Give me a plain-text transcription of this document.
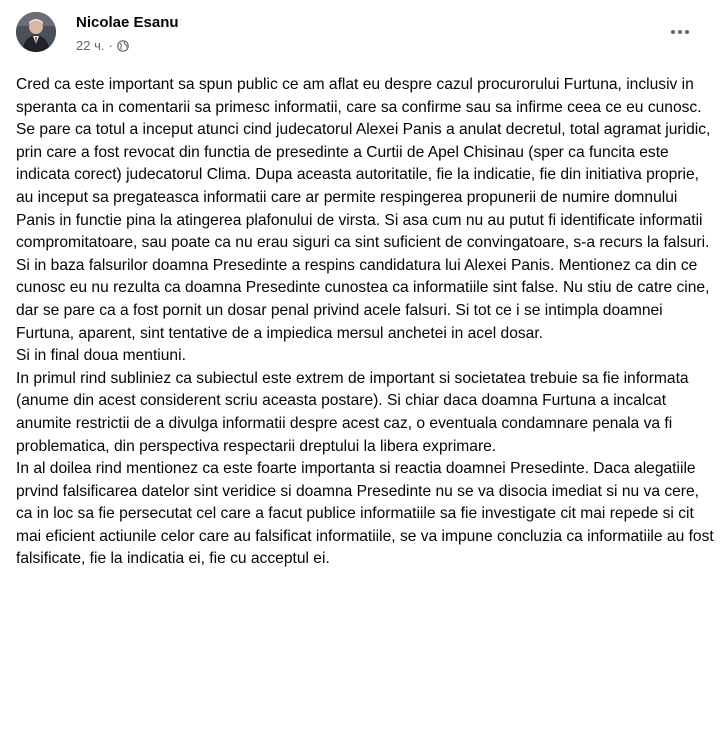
Nicolae Esanu
22 ч. ·

Cred ca este important sa spun public ce am aflat eu despre cazul procurorului Furtuna, inclusiv in speranta ca in comentarii sa primesc informatii, care sa confirme sau sa infirme ceea ce eu cunosc.

Se pare ca totul a inceput atunci cind judecatorul Alexei Panis a anulat decretul, total agramat juridic, prin care a fost revocat din functia de presedinte a Curtii de Apel Chisinau (sper ca funcita este indicata corect) judecatorul Clima. Dupa aceasta autoritatile, fie la indicatie, fie din initiativa proprie, au inceput sa pregateasca informatii care ar permite respingerea propunerii de numire domnului Panis in functie pina la atingerea plafonului de virsta. Si asa cum nu au putut fi identificate informatii compromitatoare, sau poate ca nu erau siguri ca sint suficient de convingatoare, s-a recurs la falsuri. Si in baza falsurilor doamna Presedinte a respins candidatura lui Alexei Panis. Mentionez ca din ce cunosc eu nu rezulta ca doamna Presedinte cunostea ca informatiile sint false. Nu stiu de catre cine, dar se pare ca a fost pornit un dosar penal privind acele falsuri. Si tot ce i se intimpla doamnei Furtuna, aparent, sint tentative de a impiedica mersul anchetei in acel dosar.

Si in final doua mentiuni.

In primul rind subliniez ca subiectul este extrem de important si societatea trebuie sa fie informata (anume din acest considerent scriu aceasta postare). Si chiar daca doamna Furtuna a incalcat anumite restrictii de a divulga informatii despre acest caz, o eventuala condamnare penala va fi problematica, din perspectiva respectarii dreptului la libera exprimare.

In al doilea rind mentionez ca este foarte importanta si reactia doamnei Presedinte. Daca alegatiile prvind falsificarea datelor sint veridice si doamna Presedinte nu se va disocia imediat si nu va cere, ca in loc sa fie persecutat cel care a facut publice informatiile sa fie investigate cit mai repede si cit mai eficient actiunile celor care au falsificat informatiile, se va impune concluzia ca informatiile au fost falsificate, fie la indicatia ei, fie cu acceptul ei.
